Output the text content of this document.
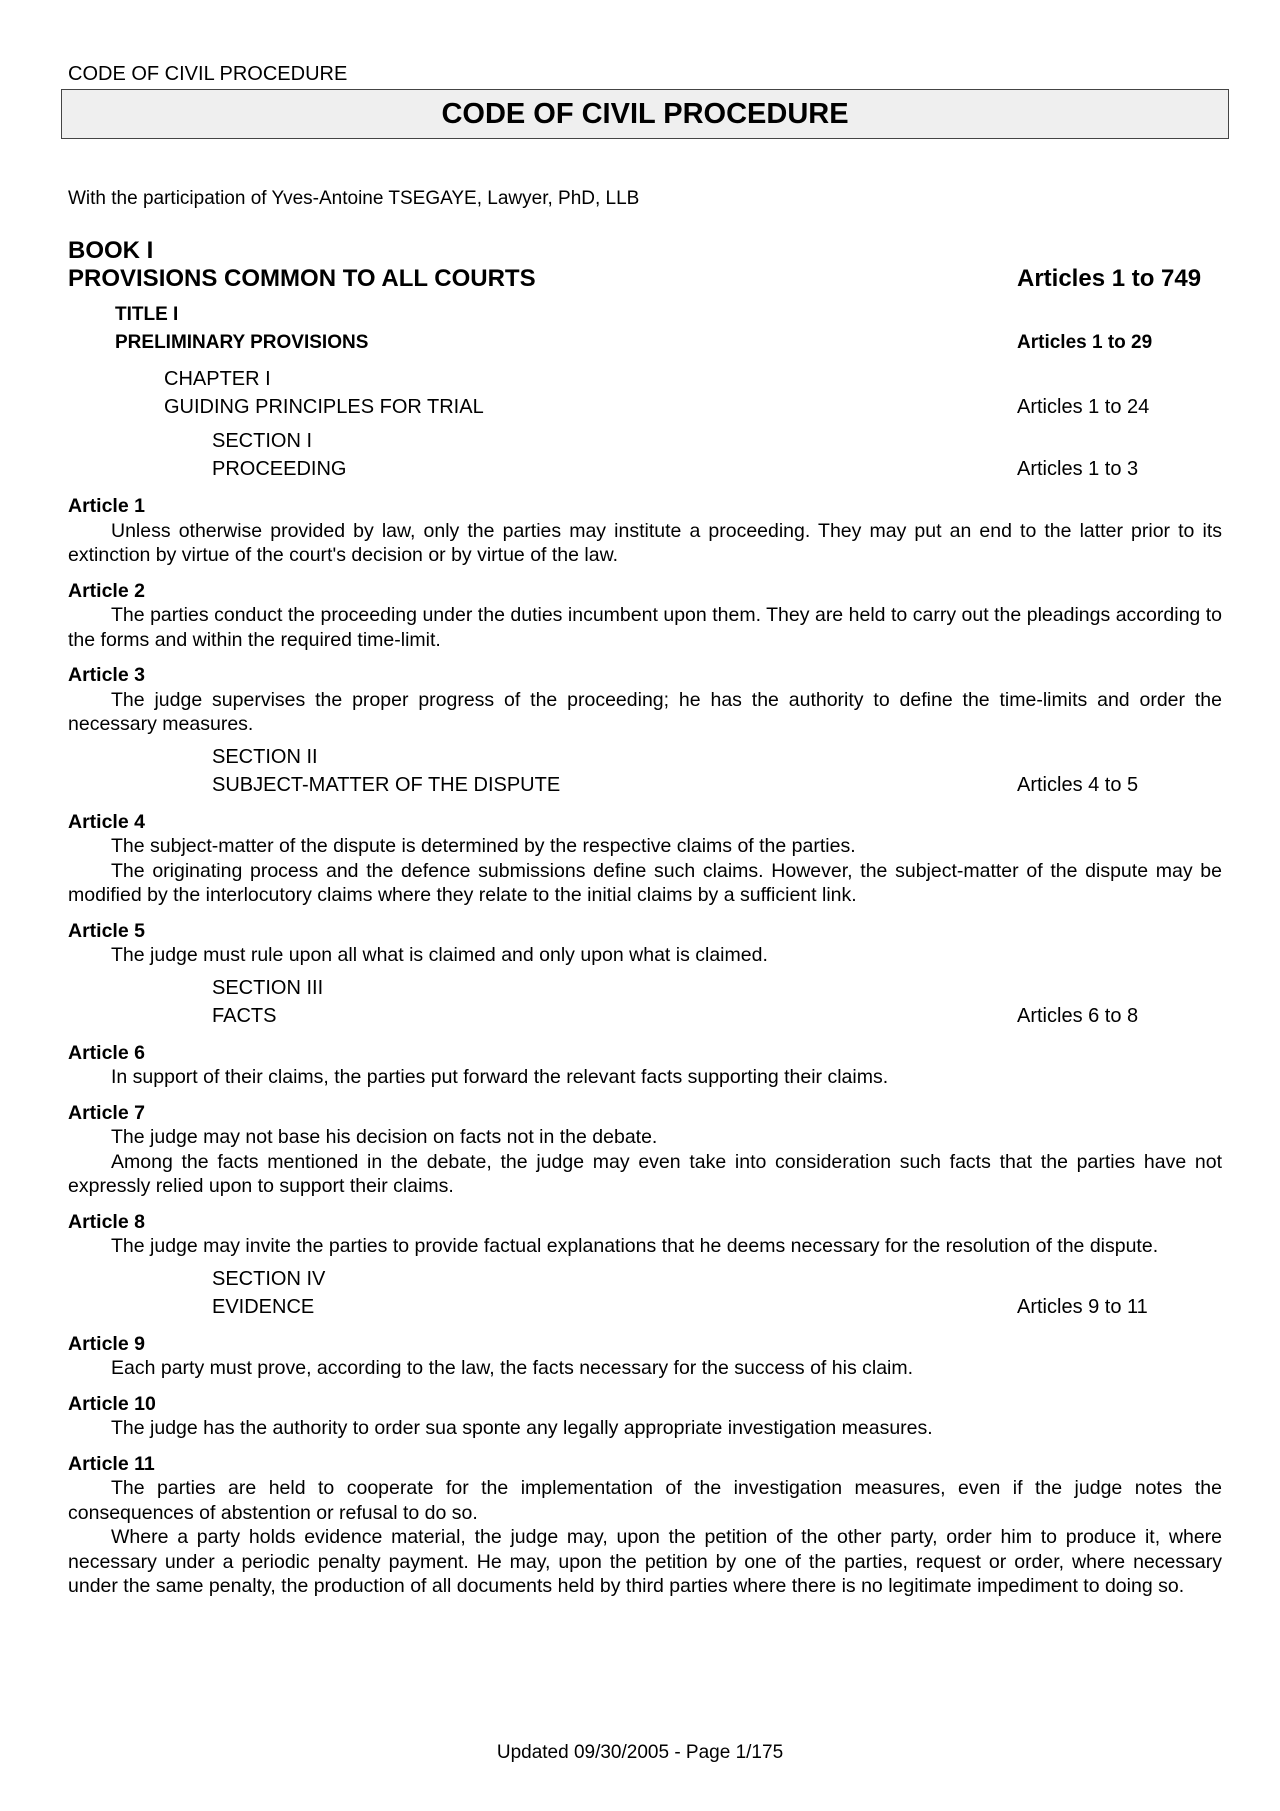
CODE OF CIVIL PROCEDURE
CODE OF CIVIL PROCEDURE
With the participation of Yves-Antoine TSEGAYE, Lawyer, PhD, LLB
BOOK I
PROVISIONS COMMON TO ALL COURTS	Articles 1 to 749
TITLE I
PRELIMINARY PROVISIONS	Articles 1 to 29
CHAPTER I
GUIDING PRINCIPLES FOR TRIAL	Articles 1 to 24
SECTION I
PROCEEDING	Articles 1 to 3
Article 1

Unless otherwise provided by law, only the parties may institute a proceeding. They may put an end to the latter prior to its extinction by virtue of the court's decision or by virtue of the law.

Article 2

The parties conduct the proceeding under the duties incumbent upon them. They are held to carry out the pleadings according to the forms and within the required time-limit.

Article 3

The judge supervises the proper progress of the proceeding; he has the authority to define the time-limits and order the necessary measures.

SECTION II
SUBJECT-MATTER OF THE DISPUTE	Articles 4 to 5
Article 4

The subject-matter of the dispute is determined by the respective claims of the parties.

The originating process and the defence submissions define such claims. However, the subject-matter of the dispute may be modified by the interlocutory claims where they relate to the initial claims by a sufficient link.

Article 5

The judge must rule upon all what is claimed and only upon what is claimed.

SECTION III
FACTS	Articles 6 to 8
Article 6

In support of their claims, the parties put forward the relevant facts supporting their claims.

Article 7

The judge may not base his decision on facts not in the debate.

Among the facts mentioned in the debate, the judge may even take into consideration such facts that the parties have not expressly relied upon to support their claims.

Article 8

The judge may invite the parties to provide factual explanations that he deems necessary for the resolution of the dispute.

SECTION IV
EVIDENCE	Articles 9 to 11
Article 9

Each party must prove, according to the law, the facts necessary for the success of his claim.

Article 10

The judge has the authority to order sua sponte any legally appropriate investigation measures.

Article 11

The parties are held to cooperate for the implementation of the investigation measures, even if the judge notes the consequences of abstention or refusal to do so.

Where a party holds evidence material, the judge may, upon the petition of the other party, order him to produce it, where necessary under a periodic penalty payment. He may, upon the petition by one of the parties, request or order, where necessary under the same penalty, the production of all documents held by third parties where there is no legitimate impediment to doing so.

Updated 09/30/2005 - Page 1/175
